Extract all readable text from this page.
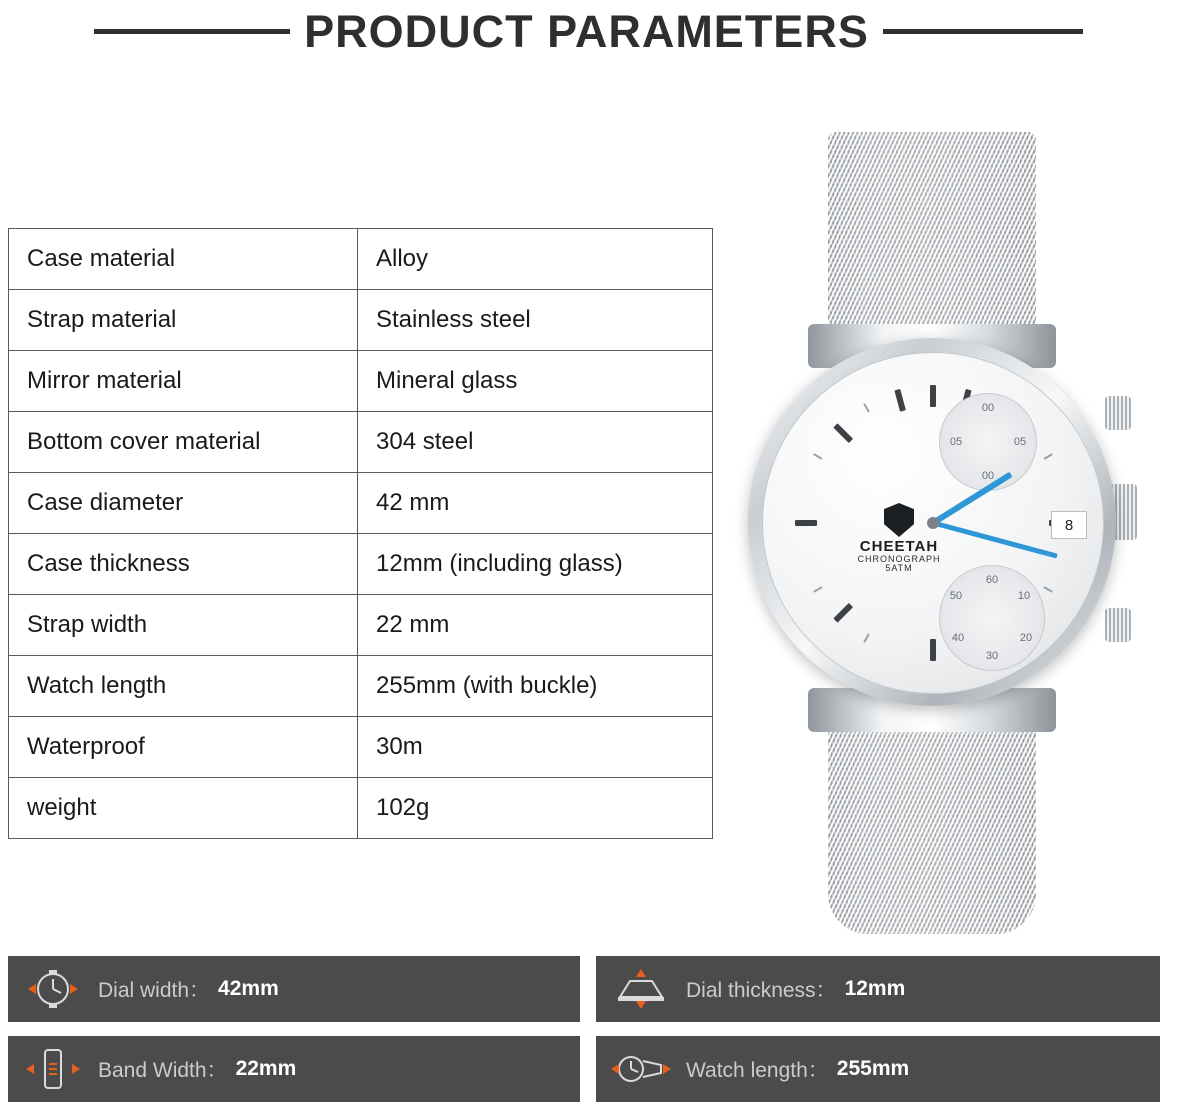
PRODUCT PARAMETERS
Case material	Alloy
Strap material	Stainless steel
Mirror material	Mineral glass
Bottom cover material	304 steel
Case diameter	42 mm
Case thickness	12mm (including glass)
Strap width	22 mm
Watch length	255mm (with buckle)
Waterproof	30m
weight	102g
00
05	05
00
60
10
20
30
40
50
CHEETAH
CHRONOGRAPH
5ATM
8
Dial width： 42mm	Dial thickness： 12mm
Band Width： 22mm	Watch length： 255mm
